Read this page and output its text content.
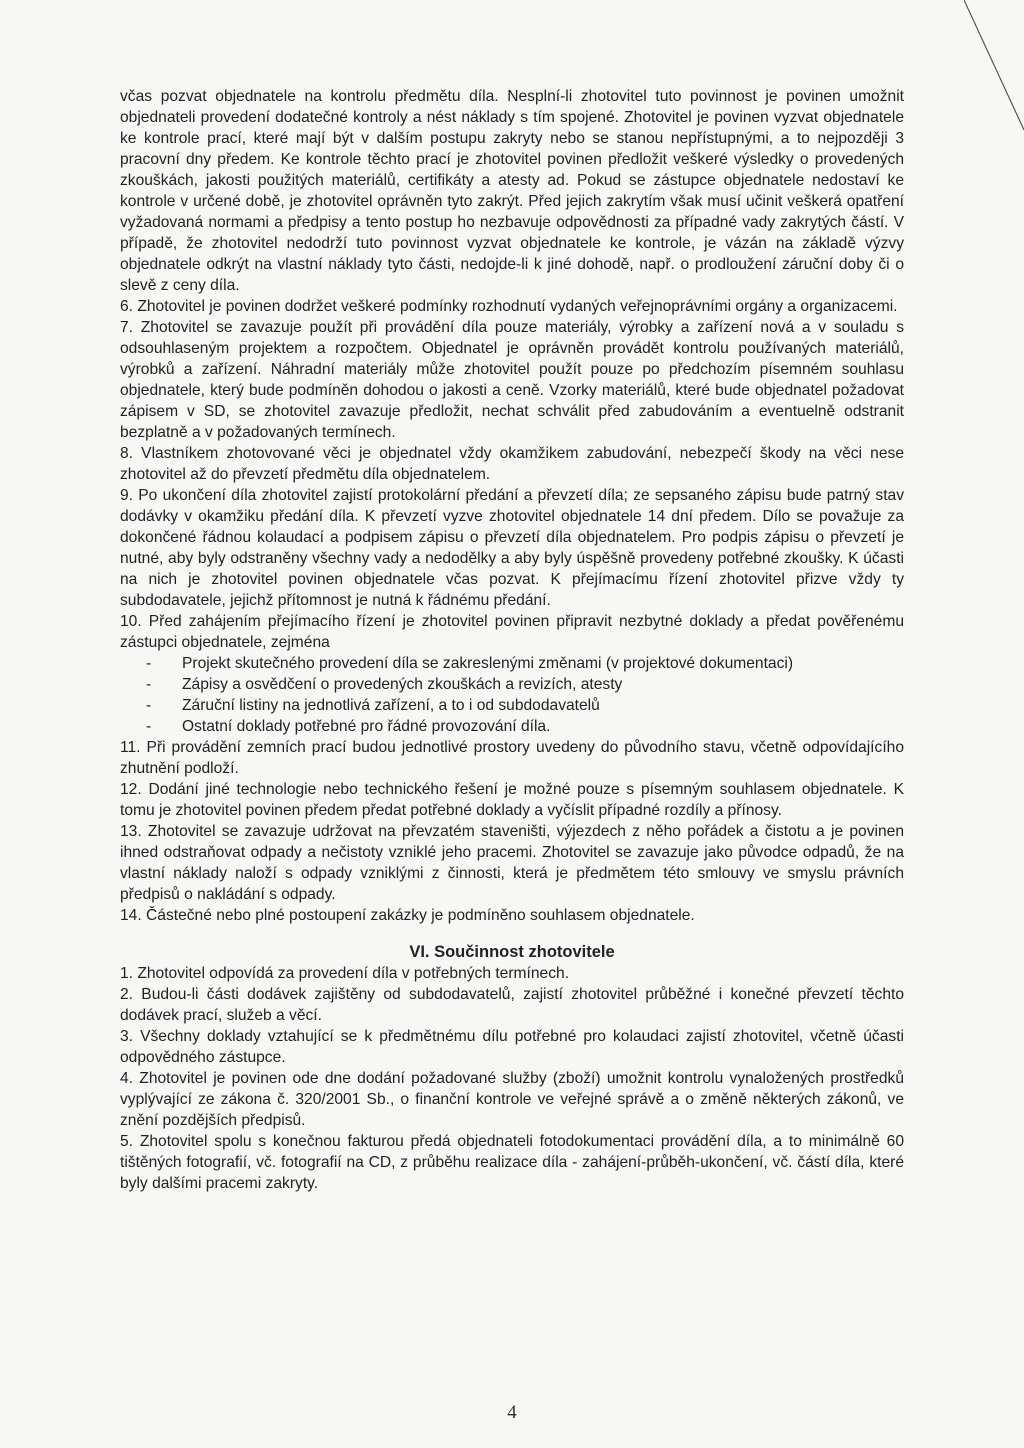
včas pozvat objednatele na kontrolu předmětu díla. Nesplní-li zhotovitel tuto povinnost je povinen umožnit objednateli provedení dodatečné kontroly a nést náklady s tím spojené. Zhotovitel je povinen vyzvat objednatele ke kontrole prací, které mají být v dalším postupu zakryty nebo se stanou nepřístupnými, a to nejpozději 3 pracovní dny předem. Ke kontrole těchto prací je zhotovitel povinen předložit veškeré výsledky o provedených zkouškách, jakosti použitých materiálů, certifikáty a atesty ad. Pokud se zástupce objednatele nedostaví ke kontrole v určené době, je zhotovitel oprávněn tyto zakrýt. Před jejich zakrytím však musí učinit veškerá opatření vyžadovaná normami a předpisy a tento postup ho nezbavuje odpovědnosti za případné vady zakrytých částí. V případě, že zhotovitel nedodrží tuto povinnost vyzvat objednatele ke kontrole, je vázán na základě výzvy objednatele odkrýt na vlastní náklady tyto části, nedojde-li k jiné dohodě, např. o prodloužení záruční doby či o slevě z ceny díla.

6. Zhotovitel je povinen dodržet veškeré podmínky rozhodnutí vydaných veřejnoprávními orgány a organizacemi.

7. Zhotovitel se zavazuje použít při provádění díla pouze materiály, výrobky a zařízení nová a v souladu s odsouhlaseným projektem a rozpočtem. Objednatel je oprávněn provádět kontrolu používaných materiálů, výrobků a zařízení. Náhradní materiály může zhotovitel použít pouze po předchozím písemném souhlasu objednatele, který bude podmíněn dohodou o jakosti a ceně. Vzorky materiálů, které bude objednatel požadovat zápisem v SD, se zhotovitel zavazuje předložit, nechat schválit před zabudováním a eventuelně odstranit bezplatně a v požadovaných termínech.

8. Vlastníkem zhotovované věci je objednatel vždy okamžikem zabudování, nebezpečí škody na věci nese zhotovitel až do převzetí předmětu díla objednatelem.

9. Po ukončení díla zhotovitel zajistí protokolární předání a převzetí díla; ze sepsaného zápisu bude patrný stav dodávky v okamžiku předání díla. K převzetí vyzve zhotovitel objednatele 14 dní předem. Dílo se považuje za dokončené řádnou kolaudací a podpisem zápisu o převzetí díla objednatelem. Pro podpis zápisu o převzetí je nutné, aby byly odstraněny všechny vady a nedodělky a aby byly úspěšně provedeny potřebné zkoušky. K účasti na nich je zhotovitel povinen objednatele včas pozvat. K přejímacímu řízení zhotovitel přizve vždy ty subdodavatele, jejichž přítomnost je nutná k řádnému předání.

10. Před zahájením přejímacího řízení je zhotovitel povinen připravit nezbytné doklady a předat pověřenému zástupci objednatele, zejména

- Projekt skutečného provedení díla se zakreslenými změnami (v projektové dokumentaci)
- Zápisy a osvědčení o provedených zkouškách a revizích, atesty
- Záruční listiny na jednotlivá zařízení, a to i od subdodavatelů
- Ostatní doklady potřebné pro řádné provozování díla.

11. Při provádění zemních prací budou jednotlivé prostory uvedeny do původního stavu, včetně odpovídajícího zhutnění podloží.

12. Dodání jiné technologie nebo technického řešení je možné pouze s písemným souhlasem objednatele. K tomu je zhotovitel povinen předem předat potřebné doklady a vyčíslit případné rozdíly a přínosy.

13. Zhotovitel se zavazuje udržovat na převzatém staveništi, výjezdech z něho pořádek a čistotu a je povinen ihned odstraňovat odpady a nečistoty vzniklé jeho pracemi. Zhotovitel se zavazuje jako původce odpadů, že na vlastní náklady naloží s odpady vzniklými z činnosti, která je předmětem této smlouvy ve smyslu právních předpisů o nakládání s odpady.

14. Částečné nebo plné postoupení zakázky je podmíněno souhlasem objednatele.

VI. Součinnost zhotovitele

1. Zhotovitel odpovídá za provedení díla v potřebných termínech.

2. Budou-li části dodávek zajištěny od subdodavatelů, zajistí zhotovitel průběžné i konečné převzetí těchto dodávek prací, služeb a věcí.

3. Všechny doklady vztahující se k předmětnému dílu potřebné pro kolaudaci zajistí zhotovitel, včetně účasti odpovědného zástupce.

4. Zhotovitel je povinen ode dne dodání požadované služby (zboží) umožnit kontrolu vynaložených prostředků vyplývající ze zákona č. 320/2001 Sb., o finanční kontrole ve veřejné správě a o změně některých zákonů, ve znění pozdějších předpisů.

5. Zhotovitel spolu s konečnou fakturou předá objednateli fotodokumentaci provádění díla, a to minimálně 60 tištěných fotografií, vč. fotografií na CD, z průběhu realizace díla - zahájení-průběh-ukončení, vč. částí díla, které byly dalšími pracemi zakryty.

4
